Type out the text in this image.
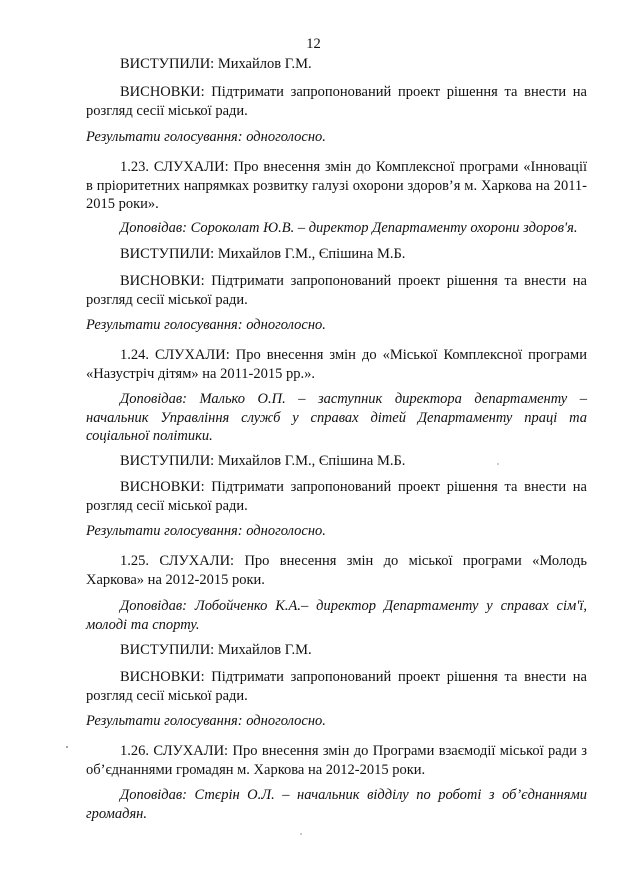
12

ВИСТУПИЛИ: Михайлов Г.М.

ВИСНОВКИ: Підтримати запропонований проект рішення та внести на розгляд сесії міської ради.

Результати голосування: одноголосно.

1.23. СЛУХАЛИ: Про внесення змін до Комплексної програми «Інновації в пріоритетних напрямках розвитку галузі охорони здоров’я м. Харкова на 2011-2015 роки».

Доповідав: Сороколат Ю.В. – директор Департаменту охорони здоров'я.

ВИСТУПИЛИ: Михайлов Г.М., Єпішина М.Б.

ВИСНОВКИ: Підтримати запропонований проект рішення та внести на розгляд сесії міської ради.

Результати голосування: одноголосно.

1.24. СЛУХАЛИ: Про внесення змін до «Міської Комплексної програми «Назустріч дітям» на 2011-2015 рр.».

Доповідав: Малько О.П. – заступник директора департаменту – начальник Управління служб у справах дітей Департаменту праці та соціальної політики.

ВИСТУПИЛИ: Михайлов Г.М., Єпішина М.Б.

ВИСНОВКИ: Підтримати запропонований проект рішення та внести на розгляд сесії міської ради.

Результати голосування: одноголосно.

1.25. СЛУХАЛИ: Про внесення змін до міської програми «Молодь Харкова» на 2012-2015 роки.

Доповідав: Лобойченко К.А.– директор Департаменту у справах сім'ї, молоді та спорту.

ВИСТУПИЛИ: Михайлов Г.М.

ВИСНОВКИ: Підтримати запропонований проект рішення та внести на розгляд сесії міської ради.

Результати голосування: одноголосно.

1.26. СЛУХАЛИ: Про внесення змін до Програми взаємодії міської ради з об’єднаннями громадян м. Харкова на 2012-2015 роки.

Доповідав: Стєрін О.Л. – начальник відділу по роботі з об’єднаннями громадян.
